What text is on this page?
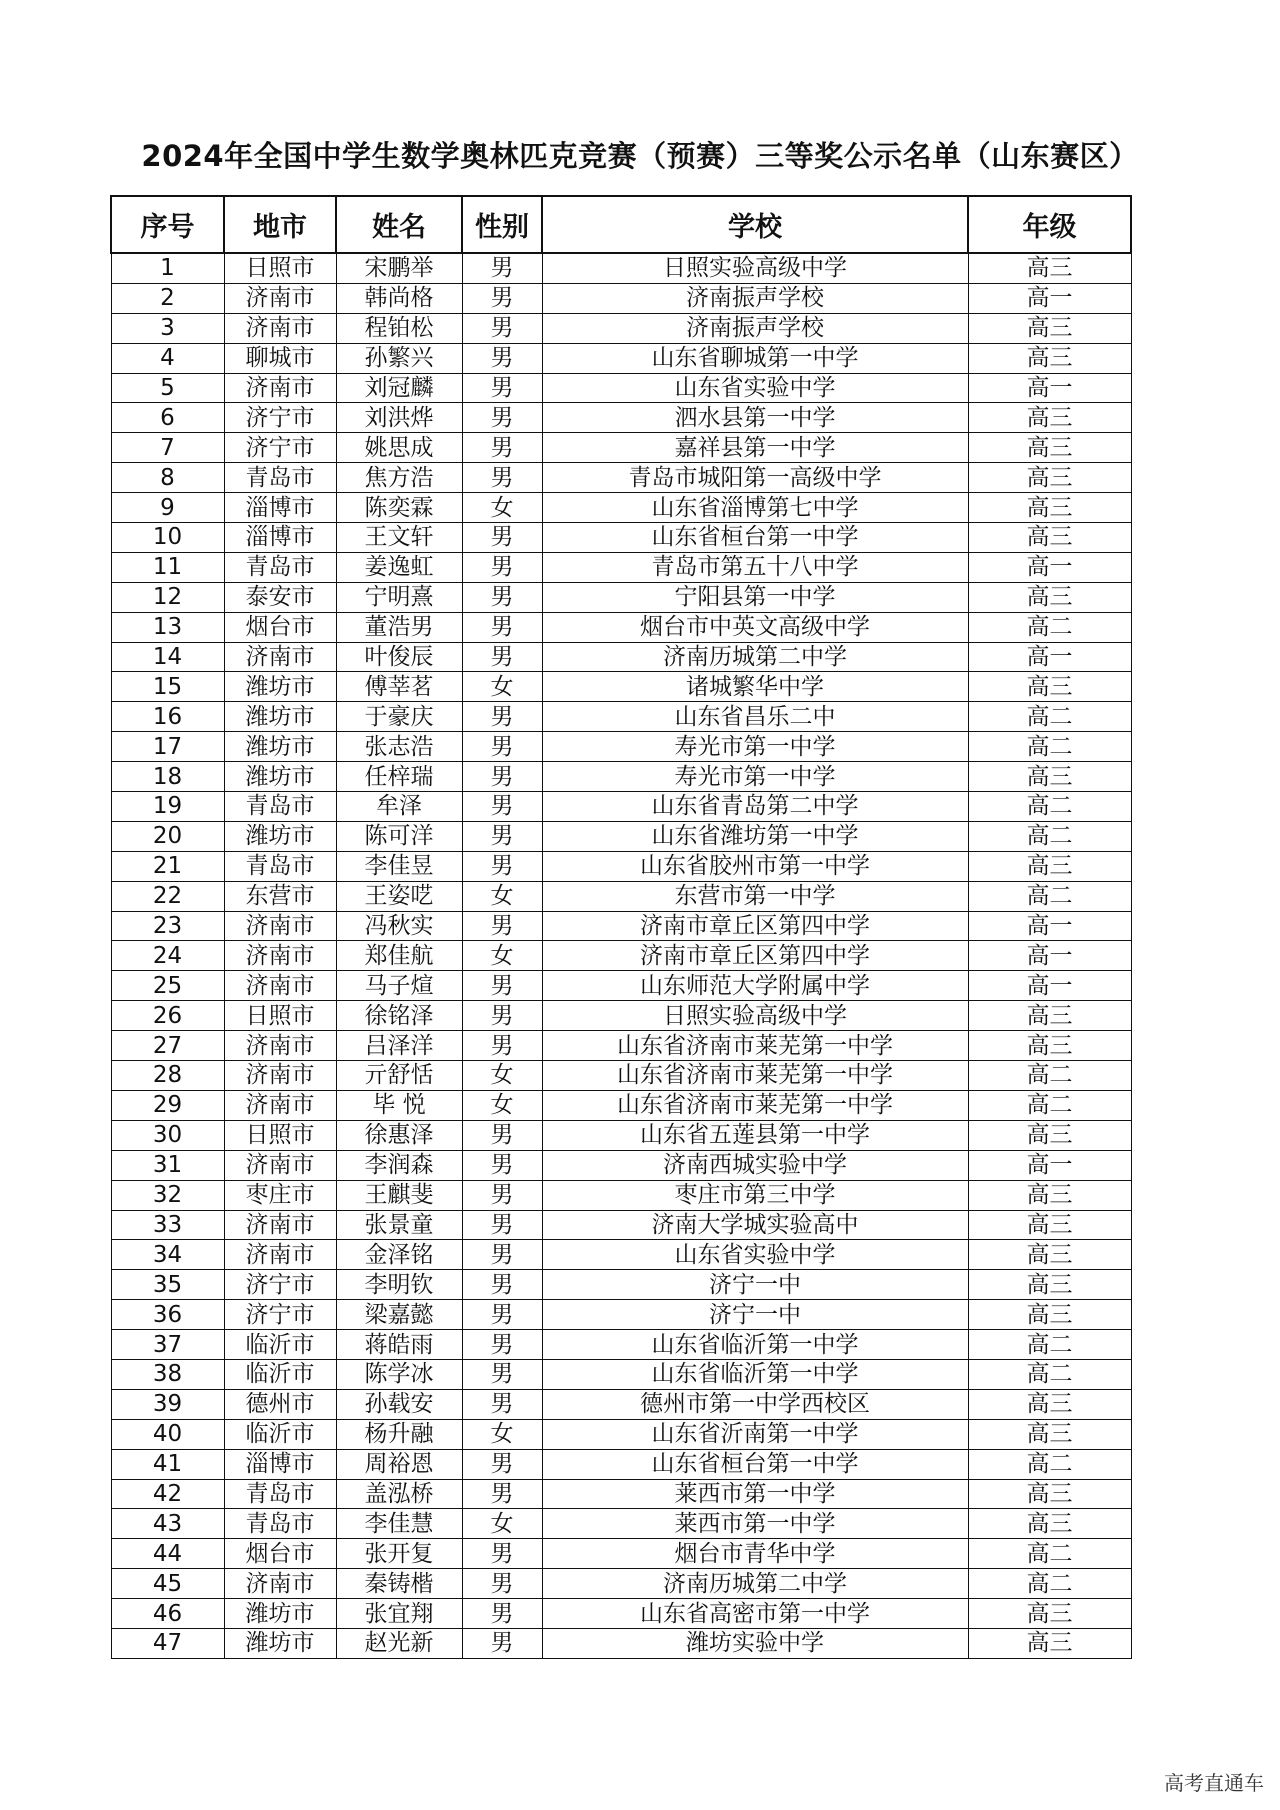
2024年全国中学生数学奥林匹克竞赛（预赛）三等奖公示名单（山东赛区）
序号	地市	姓名	性别	学校	年级
1	日照市	宋鹏举	男	日照实验高级中学	高三
2	济南市	韩尚格	男	济南振声学校	高一
3	济南市	程铂松	男	济南振声学校	高三
4	聊城市	孙繁兴	男	山东省聊城第一中学	高三
5	济南市	刘冠麟	男	山东省实验中学	高一
6	济宁市	刘洪烨	男	泗水县第一中学	高三
7	济宁市	姚思成	男	嘉祥县第一中学	高三
8	青岛市	焦方浩	男	青岛市城阳第一高级中学	高三
9	淄博市	陈奕霖	女	山东省淄博第七中学	高三
10	淄博市	王文轩	男	山东省桓台第一中学	高三
11	青岛市	姜逸虹	男	青岛市第五十八中学	高一
12	泰安市	宁明熹	男	宁阳县第一中学	高三
13	烟台市	董浩男	男	烟台市中英文高级中学	高二
14	济南市	叶俊辰	男	济南历城第二中学	高一
15	潍坊市	傅莘茗	女	诸城繁华中学	高三
16	潍坊市	于豪庆	男	山东省昌乐二中	高二
17	潍坊市	张志浩	男	寿光市第一中学	高二
18	潍坊市	任梓瑞	男	寿光市第一中学	高三
19	青岛市	牟泽	男	山东省青岛第二中学	高二
20	潍坊市	陈可洋	男	山东省潍坊第一中学	高二
21	青岛市	李佳昱	男	山东省胶州市第一中学	高三
22	东营市	王姿呓	女	东营市第一中学	高二
23	济南市	冯秋实	男	济南市章丘区第四中学	高一
24	济南市	郑佳航	女	济南市章丘区第四中学	高一
25	济南市	马子煊	男	山东师范大学附属中学	高一
26	日照市	徐铭泽	男	日照实验高级中学	高三
27	济南市	吕泽洋	男	山东省济南市莱芜第一中学	高三
28	济南市	亓舒恬	女	山东省济南市莱芜第一中学	高二
29	济南市	毕 悦	女	山东省济南市莱芜第一中学	高二
30	日照市	徐惠泽	男	山东省五莲县第一中学	高三
31	济南市	李润森	男	济南西城实验中学	高一
32	枣庄市	王麒斐	男	枣庄市第三中学	高三
33	济南市	张景童	男	济南大学城实验高中	高三
34	济南市	金泽铭	男	山东省实验中学	高三
35	济宁市	李明钦	男	济宁一中	高三
36	济宁市	梁嘉懿	男	济宁一中	高三
37	临沂市	蒋皓雨	男	山东省临沂第一中学	高二
38	临沂市	陈学冰	男	山东省临沂第一中学	高二
39	德州市	孙载安	男	德州市第一中学西校区	高三
40	临沂市	杨升融	女	山东省沂南第一中学	高三
41	淄博市	周裕恩	男	山东省桓台第一中学	高二
42	青岛市	盖泓桥	男	莱西市第一中学	高三
43	青岛市	李佳慧	女	莱西市第一中学	高三
44	烟台市	张开复	男	烟台市青华中学	高二
45	济南市	秦铸楷	男	济南历城第二中学	高二
46	潍坊市	张宜翔	男	山东省高密市第一中学	高三
47	潍坊市	赵光新	男	潍坊实验中学	高三
高考直通车
